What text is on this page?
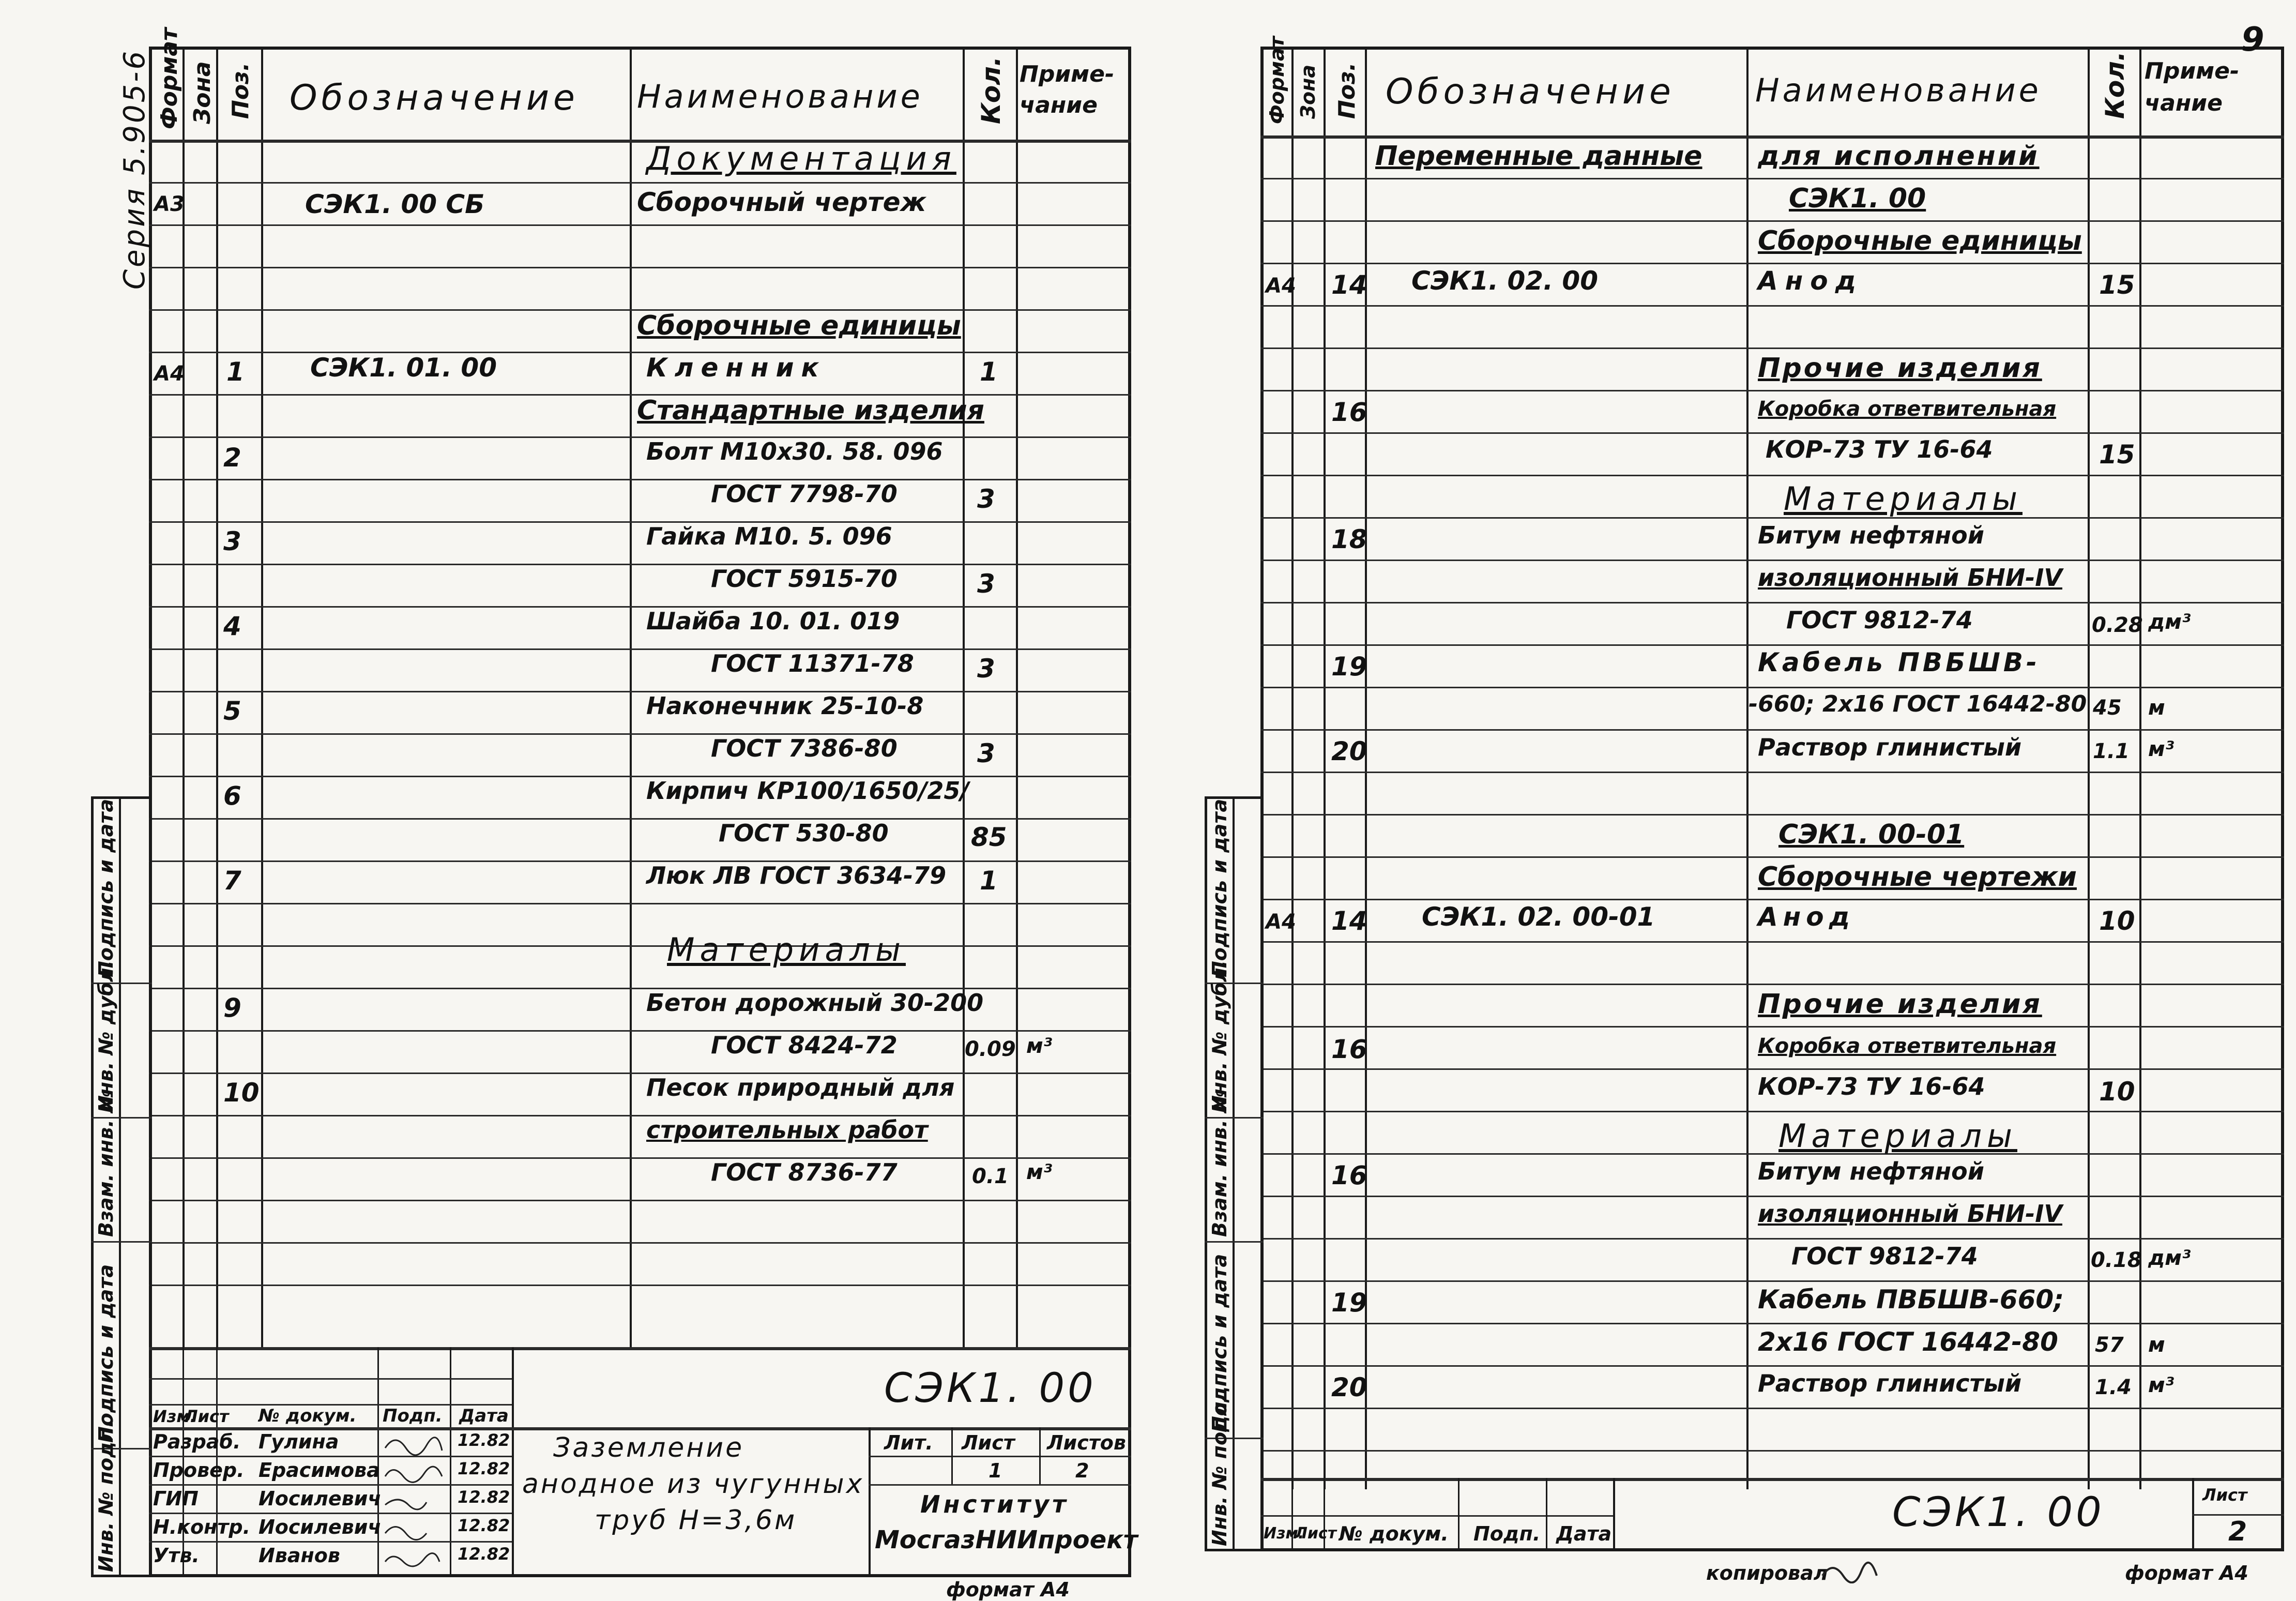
Серия 5.905-6 Формат Зона Поз. Обозначение Наименование Кол. Приме-
чание
Документация
А3	СЭК1. 00 СБ	Сборочный чертеж
Сборочные единицы
А4 1	СЭК1. 01. 00	Кленник	1
Стандартные изделия
2	Болт М10х30. 58. 096
ГОСТ 7798-70	3
3	Гайка М10. 5. 096
ГОСТ 5915-70	3
4	Шайба 10. 01. 019
ГОСТ 11371-78 3
5	Наконечник 25-10-8
ГОСТ 7386-80	3
6	Кирпич КР100/1650/25/
ГОСТ 530-80	85
7	Люк ЛВ ГОСТ 3634-79 1
Материалы
9	Бетон дорожный 30-200
ГОСТ 8424-72	0.09 м³
10	Песок природный для
строительных работ
ГОСТ 8736-77	0.1 м³
Подпись и дата
Инв. № дубл.
Взам. инв. №
Подпись и дата
Инв. № подл.
Изм.
Лист № докум. Подп. Дата
Разраб. Гулина	12.82
Провер. Ерасимова	12.82
ГИП	Иосилевич	12.82
Н.контр. Иосилевич	12.82
Утв.	Иванов	12.82
СЭК1. 00
Заземление
анодное из чугунных
труб Н=3,6м
Лит. Лист Листов
1	2
Институт
МосгазНИИпроект
формат А4
9
Формат Зона Поз. Обозначение	Наименование Кол. Приме-
чание
Переменные данные для исполнений
СЭК1. 00
Сборочные единицы
А4 14 СЭК1. 02. 00	Анод	15
Прочие изделия
16	Коробка ответвительная
КОР-73 ТУ 16-64	15
Материалы
18	Битум нефтяной
изоляционный БНИ-IV
ГОСТ 9812-74	0.28 дм³
19	Кабель ПВБШВ-
-660; 2х16 ГОСТ 16442-80 45 м
20	Раствор глинистый	1.1 м³
СЭК1. 00-01
Сборочные чертежи
А4 14 СЭК1. 02. 00-01	Анод	10
Прочие изделия
16	Коробка ответвительная
КОР-73 ТУ 16-64	10
Материалы
16	Битум нефтяной
изоляционный БНИ-IV
ГОСТ 9812-74	0.18 дм³
19	Кабель ПВБШВ-660;
2х16 ГОСТ 16442-80 57 м
20	Раствор глинистый	1.4 м³
Подпись и дата
Инв. № дубл.
Взам. инв. №
Подпись и дата
Инв. № подл. Изм.
Лист № докум. Подп. Дата	СЭК1. 00	Лист
2
копировал	формат А4
